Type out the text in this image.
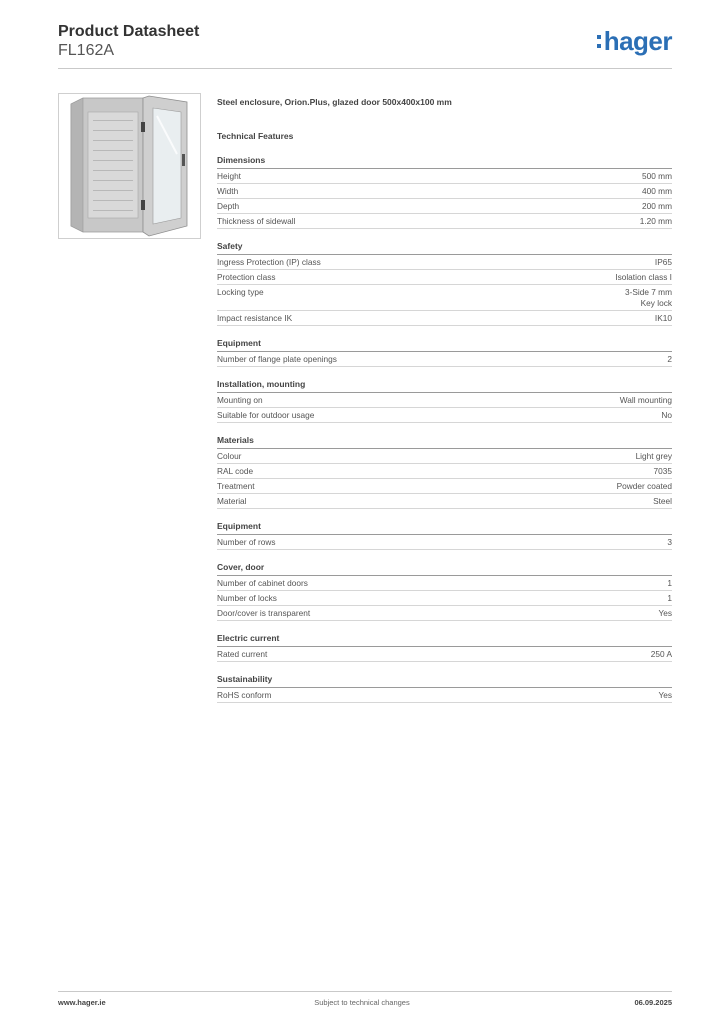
Product Datasheet
FL162A	hager
Steel enclosure, Orion.Plus, glazed door 500x400x100 mm
Technical Features
Dimensions
Height	500 mm
Width	400 mm
Depth	200 mm
Thickness of sidewall	1.20 mm
Safety
Ingress Protection (IP) class	IP65
Protection class	Isolation class I
Locking type	3-Side 7 mm
Key lock
Impact resistance IK	IK10
Equipment
Number of flange plate openings	2
Installation, mounting
Mounting on	Wall mounting
Suitable for outdoor usage	No
Materials
Colour	Light grey
RAL code	7035
Treatment	Powder coated
Material	Steel
Equipment
Number of rows	3
Cover, door
Number of cabinet doors	1
Number of locks	1
Door/cover is transparent	Yes
Electric current
Rated current	250 A
Sustainability
RoHS conform	Yes
Subject to technical changes
www.hager.ie	06.09.2025
